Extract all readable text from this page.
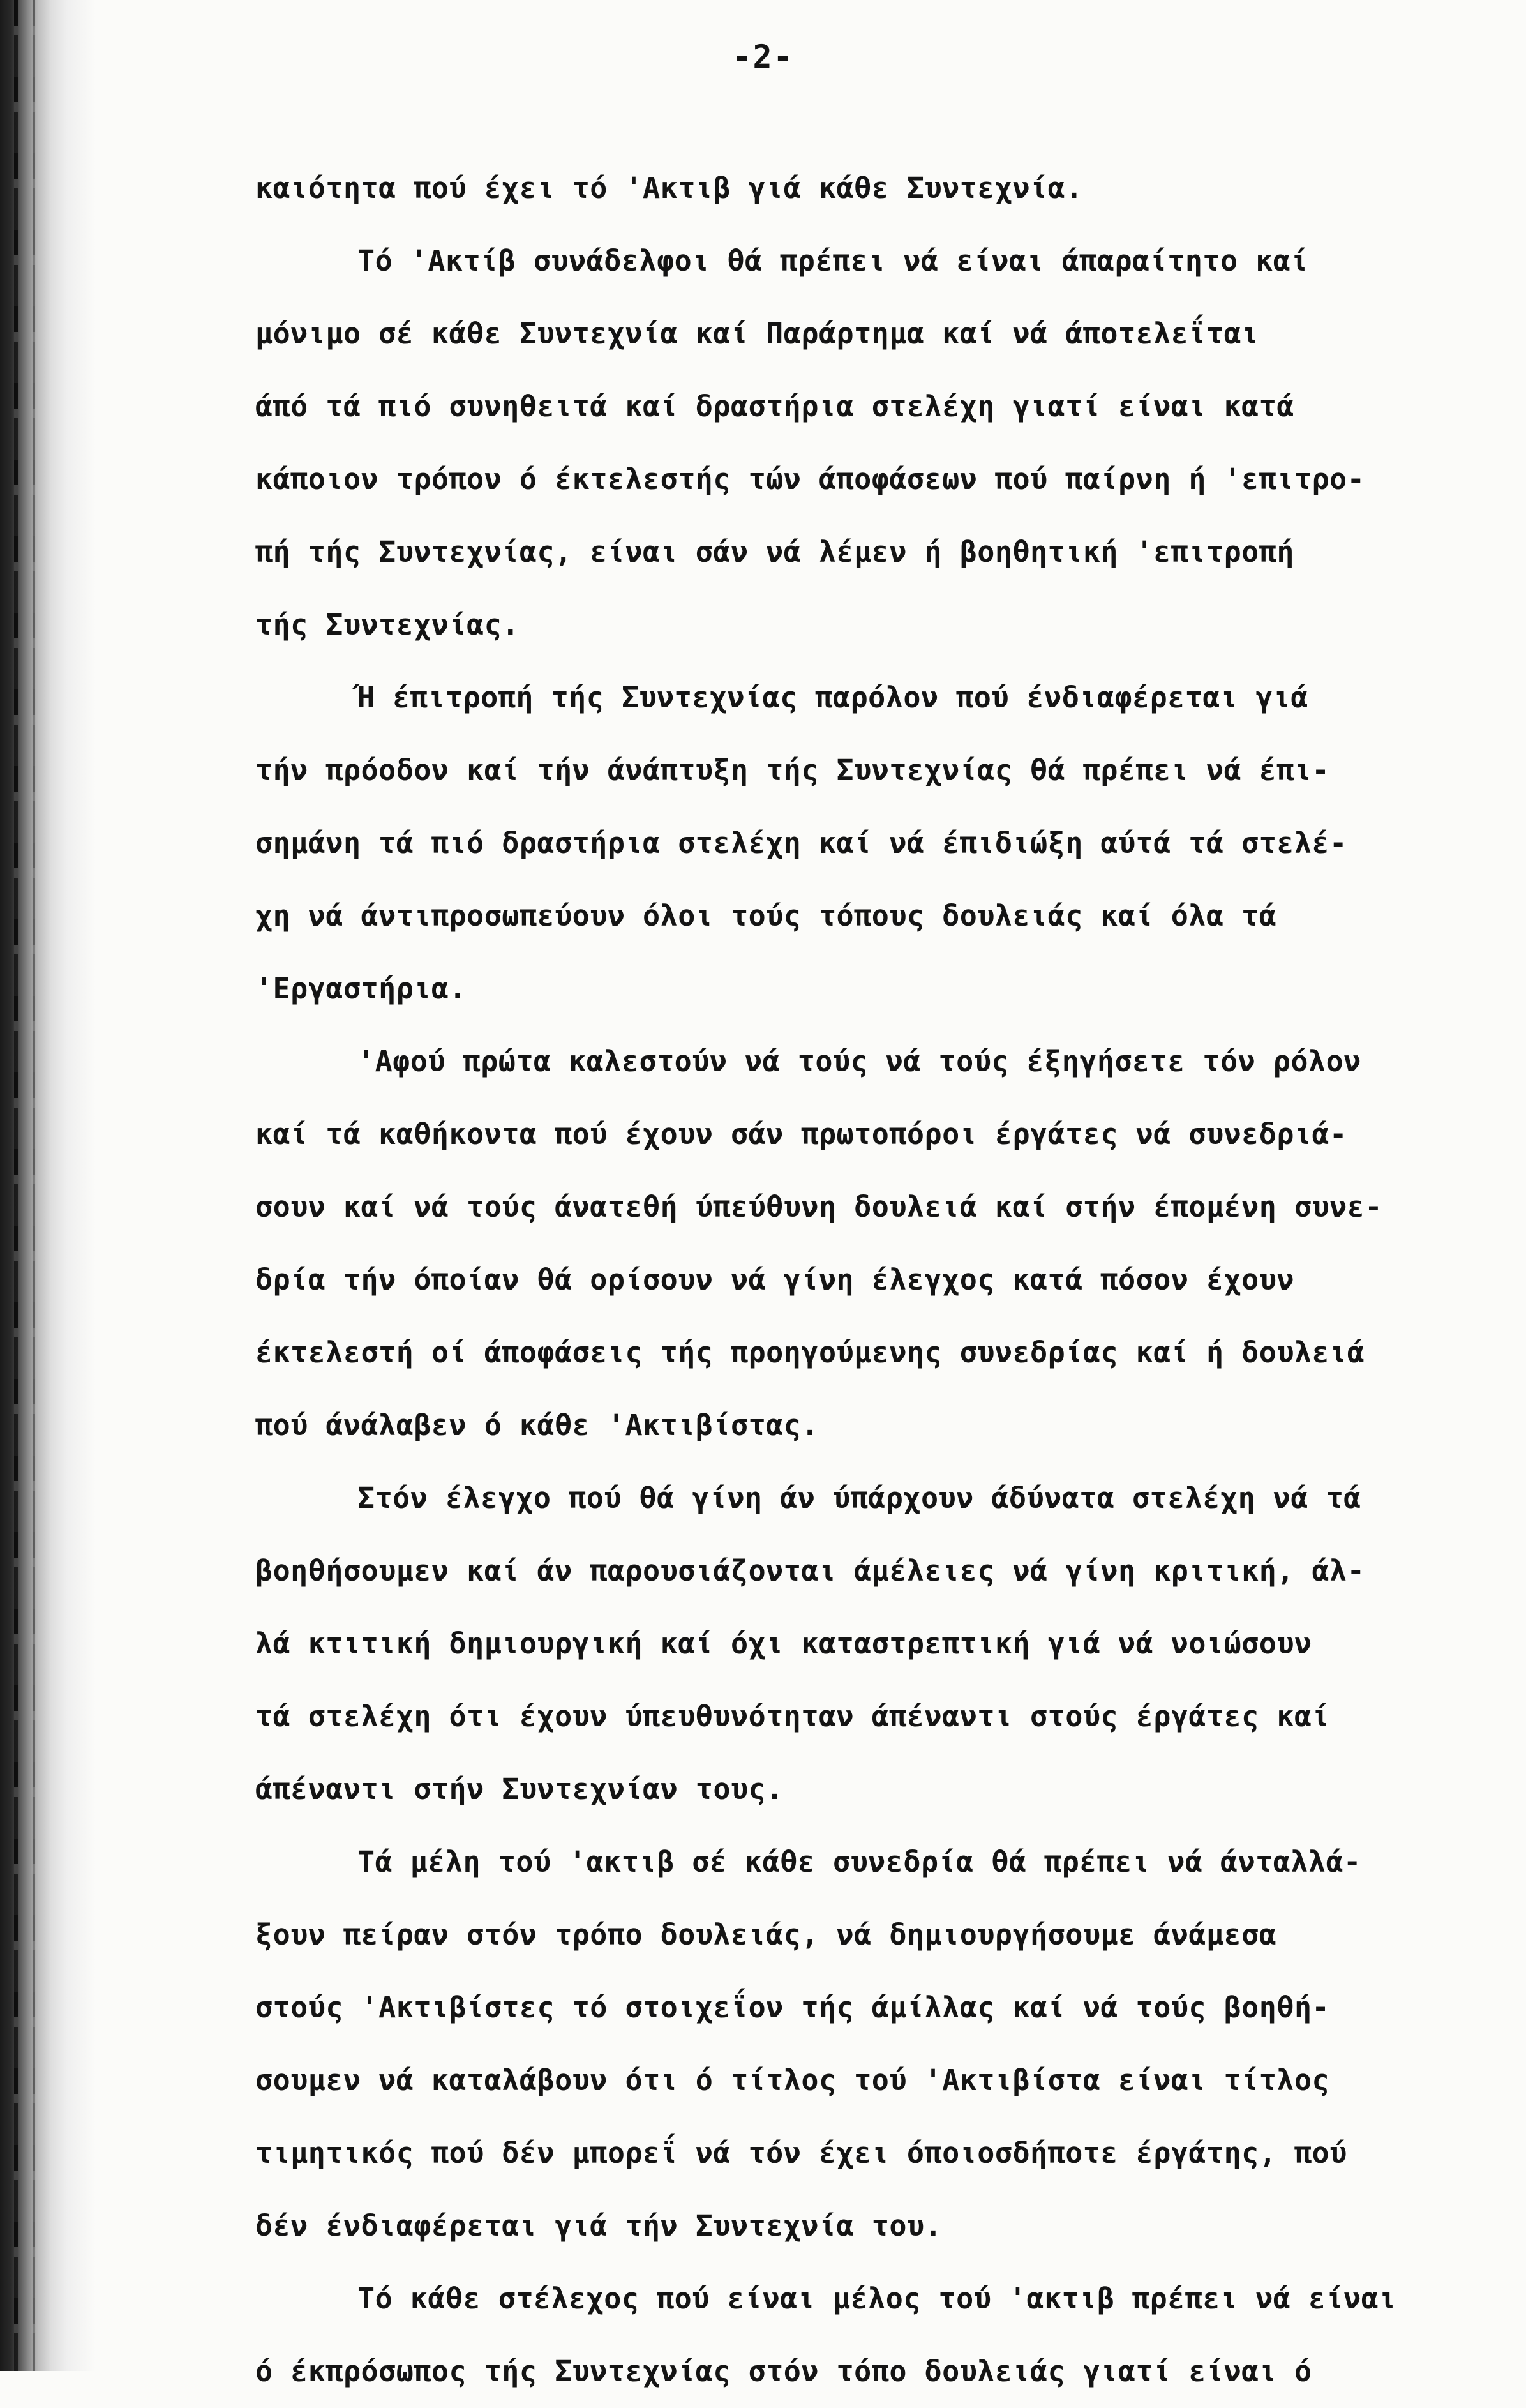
-2-
καιότητα πού έχει τό 'Ακτιβ γιά κάθε Συντεχνία.
Τό 'Ακτίβ συνάδελφοι θά πρέπει νά είναι άπαραίτητο καί
μόνιμο σέ κάθε Συντεχνία καί Παράρτημα καί νά άποτελεΐται
άπό τά πιό συνηθειτά καί δραστήρια στελέχη γιατί είναι κατά
κάποιον τρόπον ό έκτελεστής τών άποφάσεων πού παίρνη ή 'επιτρο-
πή τής Συντεχνίας, είναι σάν νά λέμεν ή βοηθητική 'επιτροπή
τής Συντεχνίας.
Ή έπιτροπή τής Συντεχνίας παρόλον πού ένδιαφέρεται γιά
τήν πρόοδον καί τήν άνάπτυξη τής Συντεχνίας θά πρέπει νά έπι-
σημάνη τά πιό δραστήρια στελέχη καί νά έπιδιώξη αύτά τά στελέ-
χη νά άντιπροσωπεύουν όλοι τούς τόπους δουλειάς καί όλα τά
'Εργαστήρια.
'Αφού πρώτα καλεστούν νά τούς νά τούς έξηγήσετε τόν ρόλον
καί τά καθήκοντα πού έχουν σάν πρωτοπόροι έργάτες νά συνεδριά-
σουν καί νά τούς άνατεθή ύπεύθυνη δουλειά καί στήν έπομένη συνε-
δρία τήν όποίαν θά ορίσουν νά γίνη έλεγχος κατά πόσον έχουν
έκτελεστή οί άποφάσεις τής προηγούμενης συνεδρίας καί ή δουλειά
πού άνάλαβεν ό κάθε 'Ακτιβίστας.
Στόν έλεγχο πού θά γίνη άν ύπάρχουν άδύνατα στελέχη νά τά
βοηθήσουμεν καί άν παρουσιάζονται άμέλειες νά γίνη κριτική, άλ-
λά κτιτική δημιουργική καί όχι καταστρεπτική γιά νά νοιώσουν
τά στελέχη ότι έχουν ύπευθυνότηταν άπέναντι στούς έργάτες καί
άπέναντι στήν Συντεχνίαν τους.
Τά μέλη τού 'ακτιβ σέ κάθε συνεδρία θά πρέπει νά άνταλλά-
ξουν πείραν στόν τρόπο δουλειάς, νά δημιουργήσουμε άνάμεσα
στούς 'Ακτιβίστες τό στοιχεΐον τής άμίλλας καί νά τούς βοηθή-
σουμεν νά καταλάβουν ότι ό τίτλος τού 'Ακτιβίστα είναι τίτλος
τιμητικός πού δέν μπορεΐ νά τόν έχει όποιοσδήποτε έργάτης, πού
δέν ένδιαφέρεται γιά τήν Συντεχνία του.
Τό κάθε στέλεχος πού είναι μέλος τού 'ακτιβ πρέπει νά είναι
ό έκπρόσωπος τής Συντεχνίας στόν τόπο δουλειάς γιατί είναι ό
